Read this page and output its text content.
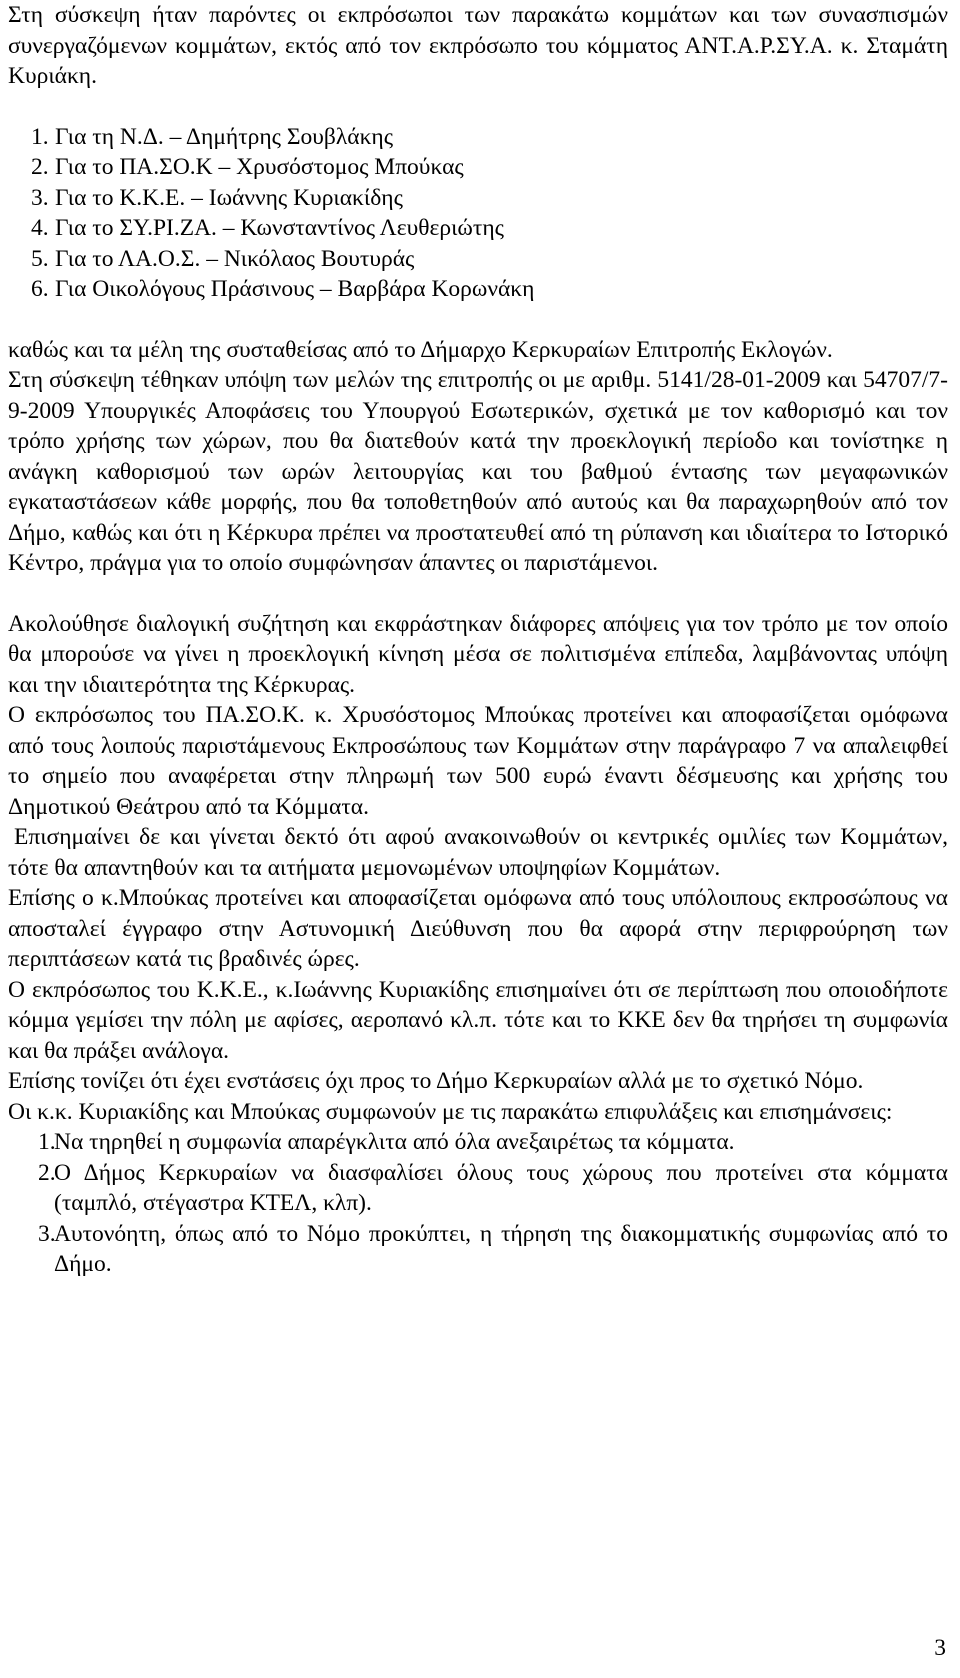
Στη σύσκεψη ήταν παρόντες οι εκπρόσωποι των παρακάτω κομμάτων και των συνασπισμών συνεργαζόμενων κομμάτων, εκτός από τον εκπρόσωπο του κόμματος ΑΝΤ.Α.Ρ.ΣΥ.Α. κ. Σταμάτη Κυριάκη.

1. Για τη Ν.Δ. – Δημήτρης Σουβλάκης
2. Για το ΠΑ.ΣΟ.Κ – Χρυσόστομος Μπούκας
3. Για το Κ.Κ.Ε. – Ιωάννης Κυριακίδης
4. Για το ΣΥ.ΡΙ.ΖΑ. – Κωνσταντίνος Λευθεριώτης
5. Για το ΛΑ.Ο.Σ. – Νικόλαος Βουτυράς
6. Για Οικολόγους Πράσινους – Βαρβάρα Κορωνάκη

καθώς και τα μέλη της συσταθείσας από το Δήμαρχο Κερκυραίων Επιτροπής Εκλογών.

Στη σύσκεψη τέθηκαν υπόψη των μελών της επιτροπής οι με αριθμ. 5141/28-01-2009 και 54707/7-9-2009 Υπουργικές Αποφάσεις του Υπουργού Εσωτερικών, σχετικά με τον καθορισμό και τον τρόπο χρήσης των χώρων, που θα διατεθούν κατά την προεκλογική περίοδο και τονίστηκε η ανάγκη καθορισμού των ωρών λειτουργίας και του βαθμού έντασης των μεγαφωνικών εγκαταστάσεων κάθε μορφής, που θα τοποθετηθούν από αυτούς και θα παραχωρηθούν από τον Δήμο, καθώς και ότι η Κέρκυρα πρέπει να προστατευθεί από τη ρύπανση και ιδιαίτερα το Ιστορικό Κέντρο, πράγμα για το οποίο συμφώνησαν άπαντες οι παριστάμενοι.

Ακολούθησε διαλογική συζήτηση και εκφράστηκαν διάφορες απόψεις για τον τρόπο με τον οποίο θα μπορούσε να γίνει η προεκλογική κίνηση μέσα σε πολιτισμένα επίπεδα, λαμβάνοντας υπόψη και την ιδιαιτερότητα της Κέρκυρας.

Ο εκπρόσωπος του ΠΑ.ΣΟ.Κ. κ. Χρυσόστομος Μπούκας προτείνει και αποφασίζεται ομόφωνα από τους λοιπούς παριστάμενους Εκπροσώπους των Κομμάτων στην παράγραφο 7 να απαλειφθεί το σημείο που αναφέρεται στην πληρωμή των 500 ευρώ έναντι δέσμευσης και χρήσης του Δημοτικού Θεάτρου από τα Κόμματα.

Επισημαίνει δε και γίνεται δεκτό ότι αφού ανακοινωθούν οι κεντρικές ομιλίες των Κομμάτων, τότε θα απαντηθούν και τα αιτήματα μεμονωμένων υποψηφίων Κομμάτων.

Επίσης ο κ.Μπούκας προτείνει και αποφασίζεται ομόφωνα από τους υπόλοιπους εκπροσώπους να αποσταλεί έγγραφο στην Αστυνομική Διεύθυνση που θα αφορά στην περιφρούρηση των περιπτάσεων κατά τις βραδινές ώρες.

Ο εκπρόσωπος του Κ.Κ.Ε., κ.Ιωάννης Κυριακίδης επισημαίνει ότι σε περίπτωση που οποιοδήποτε κόμμα γεμίσει την πόλη με αφίσες, αεροπανό κλ.π. τότε και το ΚΚΕ δεν θα τηρήσει τη συμφωνία και θα πράξει ανάλογα.

Επίσης τονίζει ότι έχει ενστάσεις όχι προς το Δήμο Κερκυραίων αλλά με το σχετικό Νόμο.

Οι κ.κ. Κυριακίδης και Μπούκας συμφωνούν με τις παρακάτω επιφυλάξεις και επισημάνσεις:

1.
Να τηρηθεί η συμφωνία απαρέγκλιτα από όλα ανεξαιρέτως τα κόμματα.
2.
Ο Δήμος Κερκυραίων να διασφαλίσει όλους τους χώρους που προτείνει στα κόμματα (ταμπλό, στέγαστρα ΚΤΕΛ, κλπ).
3.
Αυτονόητη, όπως από το Νόμο προκύπτει, η τήρηση της διακομματικής συμφωνίας από το Δήμο.
3
